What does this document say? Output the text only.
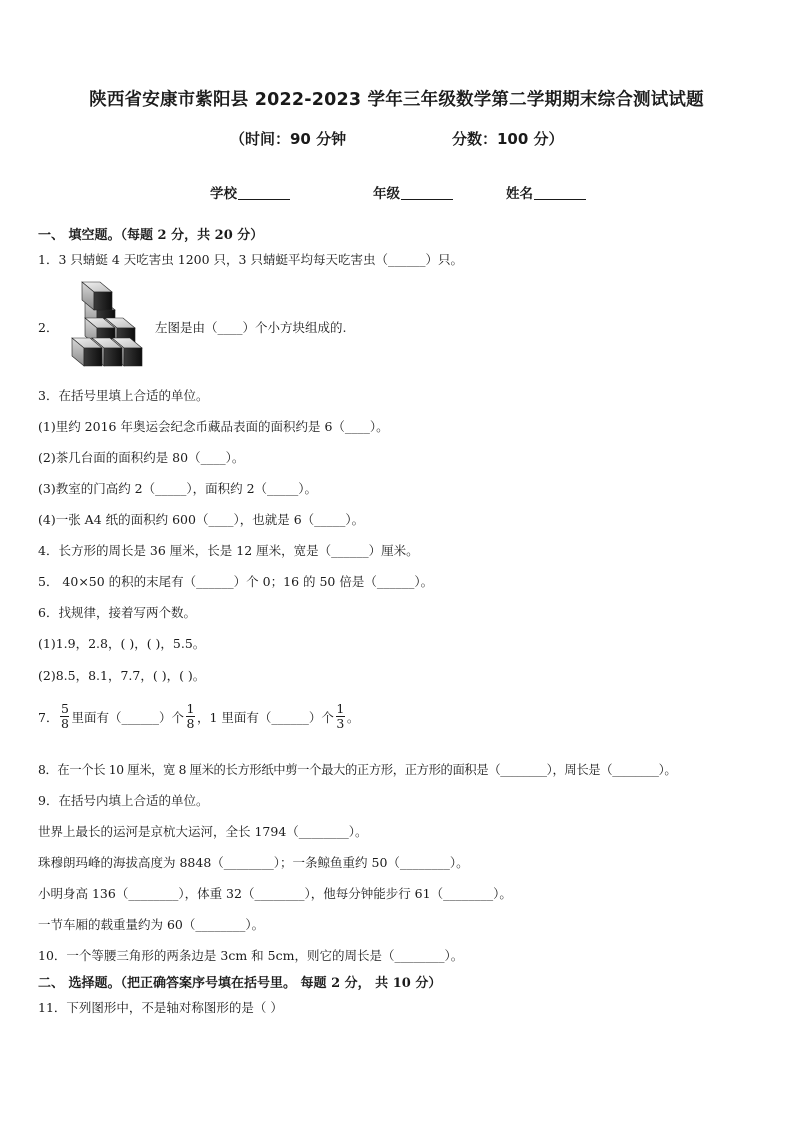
陕西省安康市紫阳县 2022-2023 学年三年级数学第二学期期末综合测试试题
（时间：90 分钟	分数：100 分）
学校	年级	姓名
一、 填空题。（每题 2 分，共 20 分）
1．3 只蜻蜓 4 天吃害虫 1200 只，3 只蜻蜓平均每天吃害虫（______）只。
2．	左图是由（____）个小方块组成的.
3．在括号里填上合适的单位。
(1)里约 2016 年奥运会纪念币藏品表面的面积约是 6（____）。
(2)茶几台面的面积约是 80（____）。
(3)教室的门高约 2（_____），面积约 2（_____）。
(4)一张 A4 纸的面积约 600（____），也就是 6（_____）。
4．长方形的周长是 36 厘米，长是 12 厘米，宽是（______）厘米。
5． 40×50 的积的末尾有（______）个 0；16 的 50 倍是（______）。
6．找规律，接着写两个数。
(1)1.9，2.8，( )，( )，5.5。
(2)8.5，8.1，7.7，( )，( )。
7． $\frac{5}{8}$ 里面有（______）个 $\frac{1}{8}$ ，1 里面有（______）个 $\frac{1}{3}$ 。
8．在一个长 10 厘米，宽 8 厘米的长方形纸中剪一个最大的正方形，正方形的面积是（________），周长是（________）。
9．在括号内填上合适的单位。
世界上最长的运河是京杭大运河，全长 1794（________）。
珠穆朗玛峰的海拔高度为 8848（________）；一条鲸鱼重约 50（________）。
小明身高 136（________），体重 32（________），他每分钟能步行 61（________）。
一节车厢的载重量约为 60（________）。
10．一个等腰三角形的两条边是 3cm 和 5cm，则它的周长是（________）。
二、 选择题。（把正确答案序号填在括号里。 每题 2 分， 共 10 分）
11．下列图形中，不是轴对称图形的是（ ）
